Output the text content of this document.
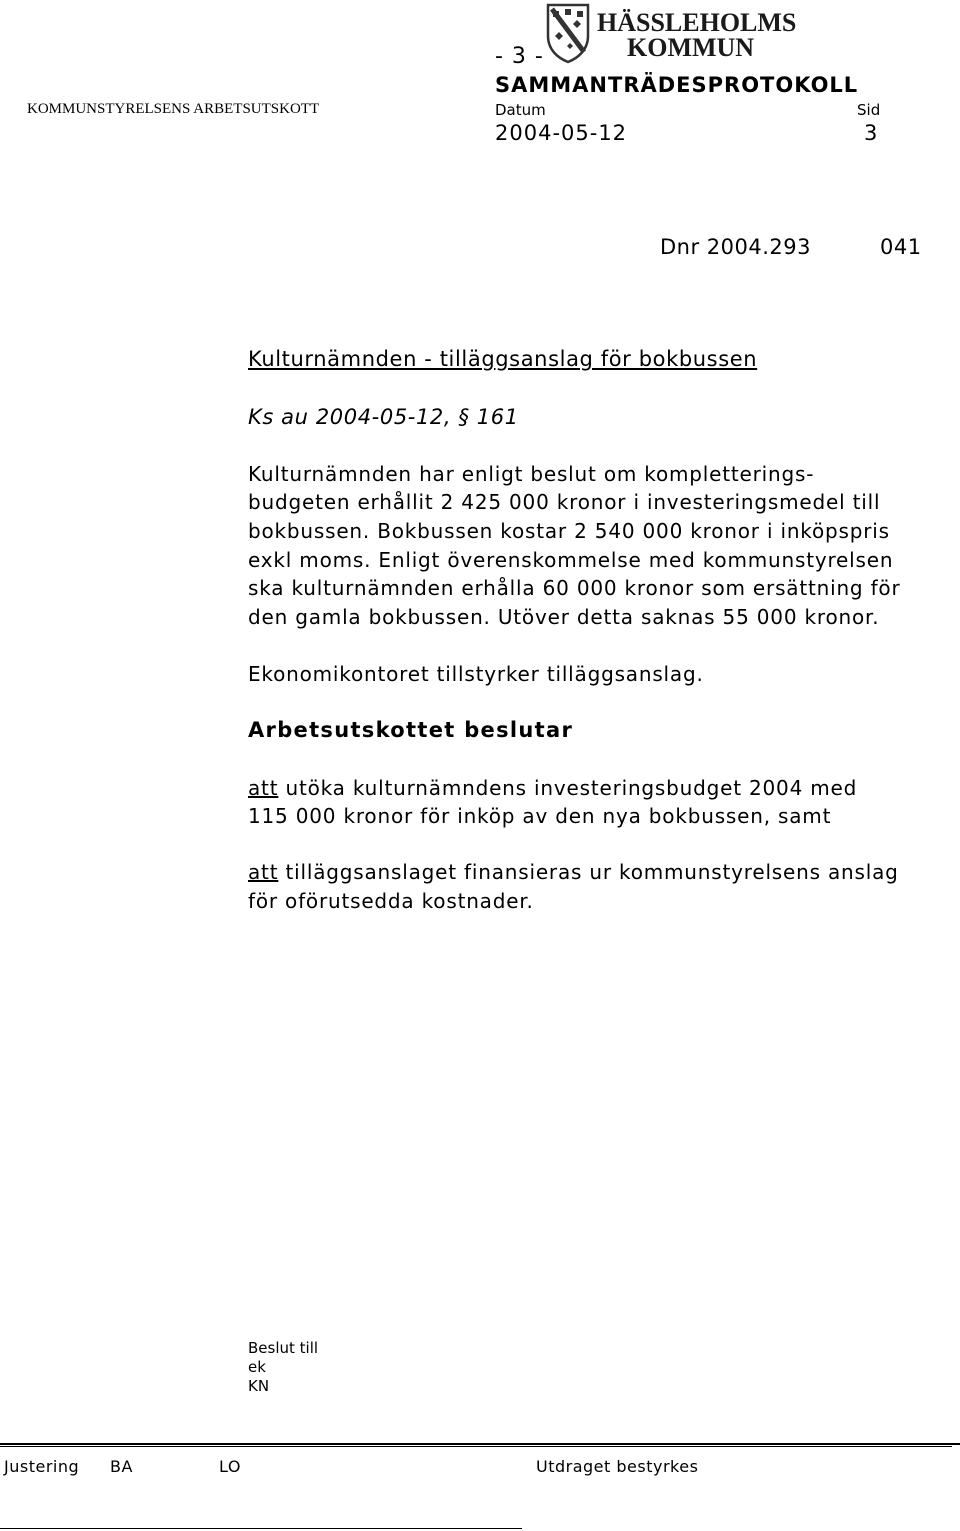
- 3 -
HÄSSLEHOLMS
KOMMUN
SAMMANTRÄDESPROTOKOLL
KOMMUNSTYRELSENS ARBETSUTSKOTT	Datum	Sid
2004-05-12	3
Dnr 2004.293	041
Kulturnämnden - tilläggsanslag för bokbussen
Ks au 2004-05-12, § 161
Kulturnämnden har enligt beslut om kompletterings-
budgeten erhållit 2 425 000 kronor i investeringsmedel till
bokbussen. Bokbussen kostar 2 540 000 kronor i inköpspris
exkl moms. Enligt överenskommelse med kommunstyrelsen
ska kulturnämnden erhålla 60 000 kronor som ersättning för
den gamla bokbussen. Utöver detta saknas 55 000 kronor.
Ekonomikontoret tillstyrker tilläggsanslag.
Arbetsutskottet beslutar
att utöka kulturnämndens investeringsbudget 2004 med
115 000 kronor för inköp av den nya bokbussen, samt
att tilläggsanslaget finansieras ur kommunstyrelsens anslag
för oförutsedda kostnader.
Beslut till
ek
KN
Justering BA	LO	Utdraget bestyrkes
